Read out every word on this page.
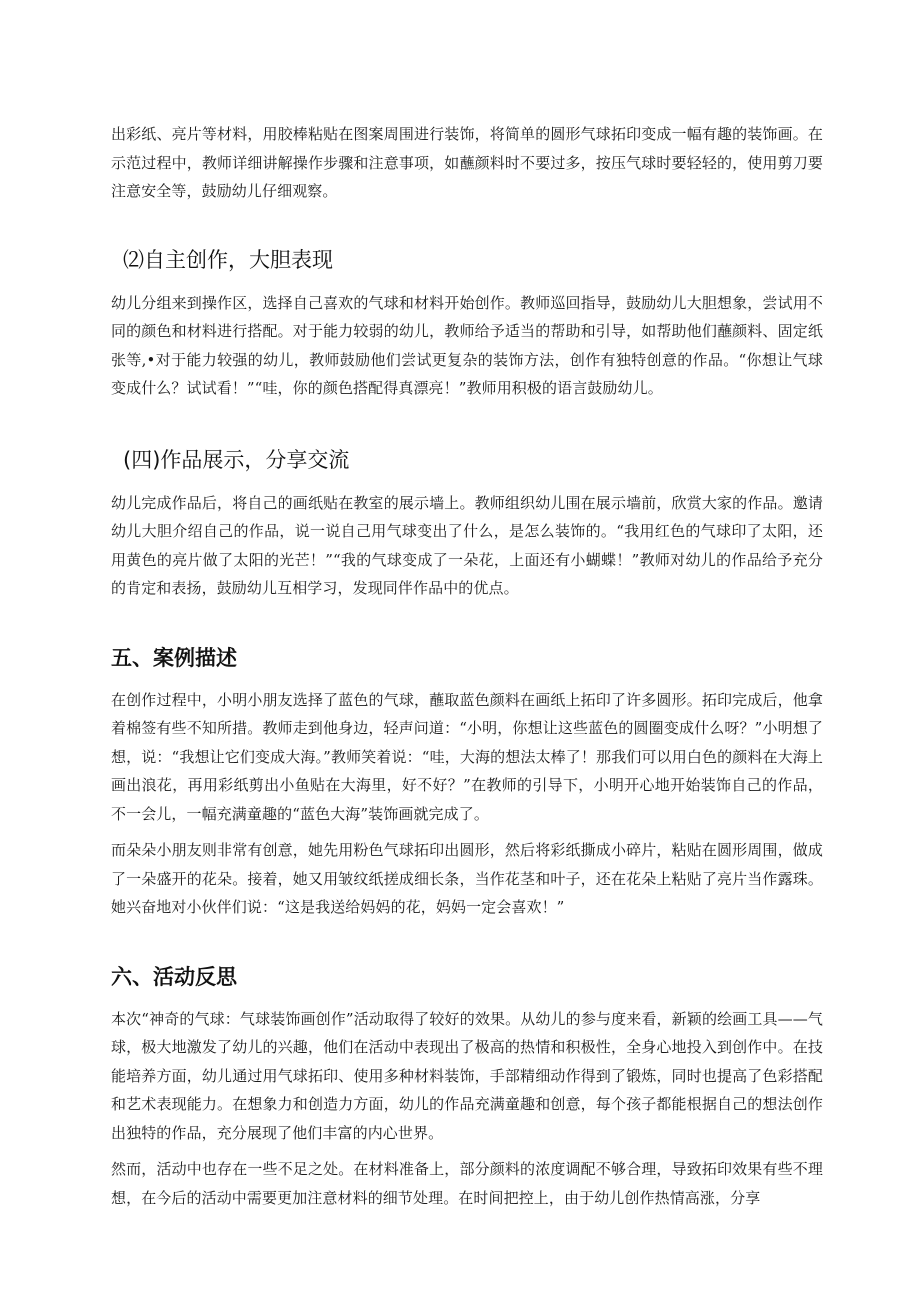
出彩纸、亮片等材料，用胶棒粘贴在图案周围进行装饰，将简单的圆形气球拓印变成一幅有趣的装饰画。在示范过程中，教师详细讲解操作步骤和注意事项，如蘸颜料时不要过多，按压气球时要轻轻的，使用剪刀要注意安全等，鼓励幼儿仔细观察。

⑵自主创作，大胆表现

幼儿分组来到操作区，选择自己喜欢的气球和材料开始创作。教师巡回指导，鼓励幼儿大胆想象，尝试用不同的颜色和材料进行搭配。对于能力较弱的幼儿，教师给予适当的帮助和引导，如帮助他们蘸颜料、固定纸张等,•对于能力较强的幼儿，教师鼓励他们尝试更复杂的装饰方法，创作有独特创意的作品。“你想让气球变成什么？试试看！”“哇，你的颜色搭配得真漂亮！”教师用积极的语言鼓励幼儿。

(四)作品展示，分享交流

幼儿完成作品后，将自己的画纸贴在教室的展示墙上。教师组织幼儿围在展示墙前，欣赏大家的作品。邀请幼儿大胆介绍自己的作品，说一说自己用气球变出了什么，是怎么装饰的。“我用红色的气球印了太阳，还用黄色的亮片做了太阳的光芒！”“我的气球变成了一朵花，上面还有小蝴蝶！”教师对幼儿的作品给予充分的肯定和表扬，鼓励幼儿互相学习，发现同伴作品中的优点。

五、案例描述

在创作过程中，小明小朋友选择了蓝色的气球，蘸取蓝色颜料在画纸上拓印了许多圆形。拓印完成后，他拿着棉签有些不知所措。教师走到他身边，轻声问道：“小明，你想让这些蓝色的圆圈变成什么呀？”小明想了想，说：“我想让它们变成大海。”教师笑着说：“哇，大海的想法太棒了！那我们可以用白色的颜料在大海上画出浪花，再用彩纸剪出小鱼贴在大海里，好不好？”在教师的引导下，小明开心地开始装饰自己的作品，不一会儿，一幅充满童趣的“蓝色大海”装饰画就完成了。

而朵朵小朋友则非常有创意，她先用粉色气球拓印出圆形，然后将彩纸撕成小碎片，粘贴在圆形周围，做成了一朵盛开的花朵。接着，她又用皱纹纸搓成细长条，当作花茎和叶子，还在花朵上粘贴了亮片当作露珠。她兴奋地对小伙伴们说：“这是我送给妈妈的花，妈妈一定会喜欢！”

六、活动反思

本次“神奇的气球：气球装饰画创作”活动取得了较好的效果。从幼儿的参与度来看，新颖的绘画工具——气球，极大地激发了幼儿的兴趣，他们在活动中表现出了极高的热情和积极性，全身心地投入到创作中。在技能培养方面，幼儿通过用气球拓印、使用多种材料装饰，手部精细动作得到了锻炼，同时也提高了色彩搭配和艺术表现能力。在想象力和创造力方面，幼儿的作品充满童趣和创意，每个孩子都能根据自己的想法创作出独特的作品，充分展现了他们丰富的内心世界。

然而，活动中也存在一些不足之处。在材料准备上，部分颜料的浓度调配不够合理，导致拓印效果有些不理想，在今后的活动中需要更加注意材料的细节处理。在时间把控上，由于幼儿创作热情高涨，分享
